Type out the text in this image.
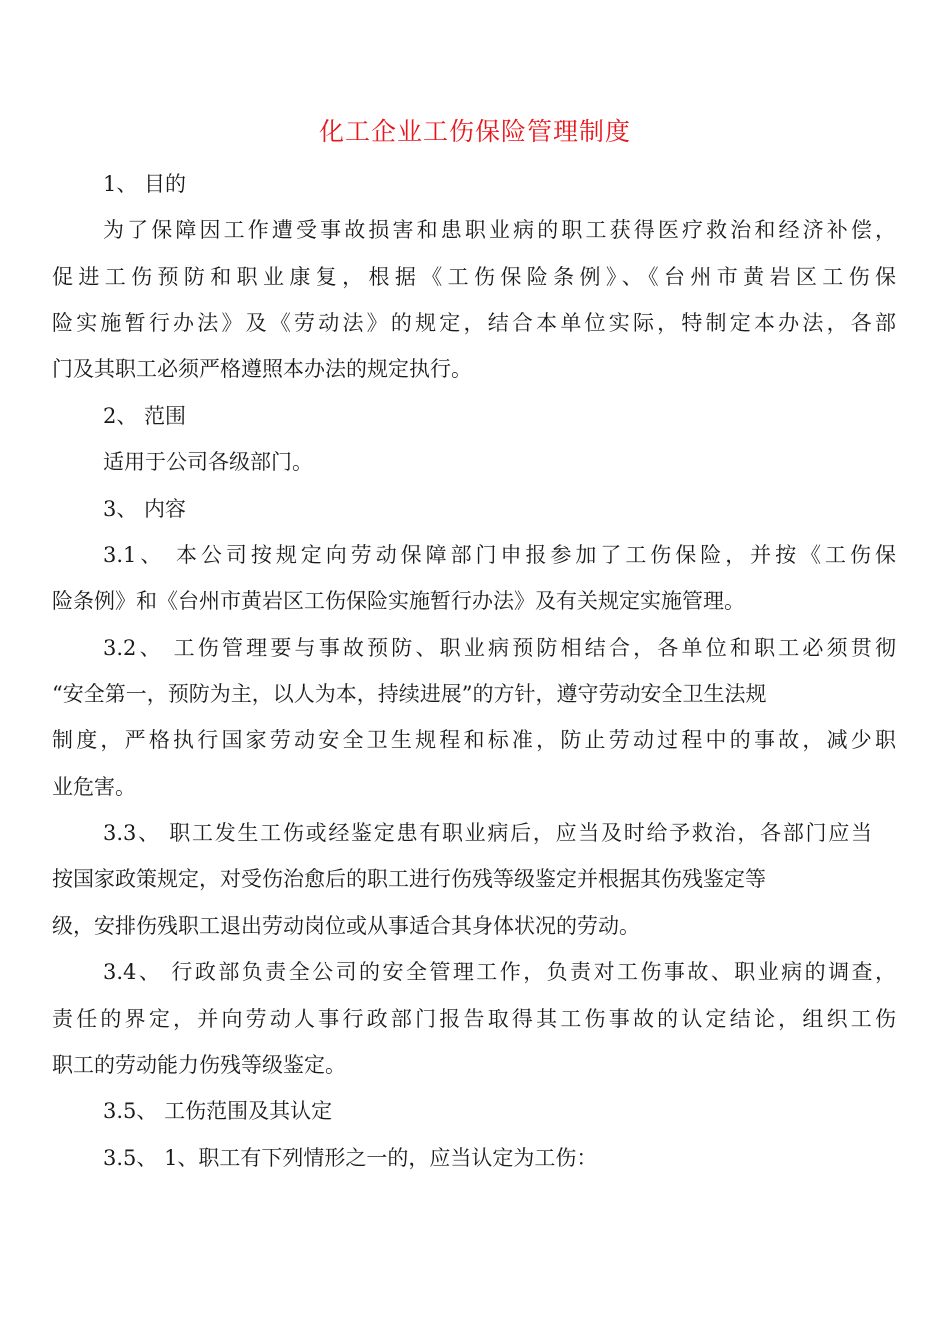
化工企业工伤保险管理制度
1、 目的
为了保障因工作遭受事故损害和患职业病的职工获得医疗救治和经济补偿，
促进工伤预防和职业康复，根据《工伤保险条例》、《台州市黄岩区工伤保
险实施暂行办法》及《劳动法》的规定，结合本单位实际，特制定本办法，各部
门及其职工必须严格遵照本办法的规定执行。
2、 范围
适用于公司各级部门。
3、 内容
3.1、 本公司按规定向劳动保障部门申报参加了工伤保险，并按《工伤保
险条例》和《台州市黄岩区工伤保险实施暂行办法》及有关规定实施管理。
3.2、 工伤管理要与事故预防、职业病预防相结合，各单位和职工必须贯彻
“安全第一，预防为主，以人为本，持续进展”的方针，遵守劳动安全卫生法规
制度，严格执行国家劳动安全卫生规程和标准，防止劳动过程中的事故，减少职
业危害。
3.3、 职工发生工伤或经鉴定患有职业病后，应当及时给予救治，各部门应当
按国家政策规定，对受伤治愈后的职工进行伤残等级鉴定并根据其伤残鉴定等
级，安排伤残职工退出劳动岗位或从事适合其身体状况的劳动。
3.4、 行政部负责全公司的安全管理工作，负责对工伤事故、职业病的调查，
责任的界定，并向劳动人事行政部门报告取得其工伤事故的认定结论，组织工伤
职工的劳动能力伤残等级鉴定。
3.5、 工伤范围及其认定
3.5、 1、职工有下列情形之一的，应当认定为工伤：
